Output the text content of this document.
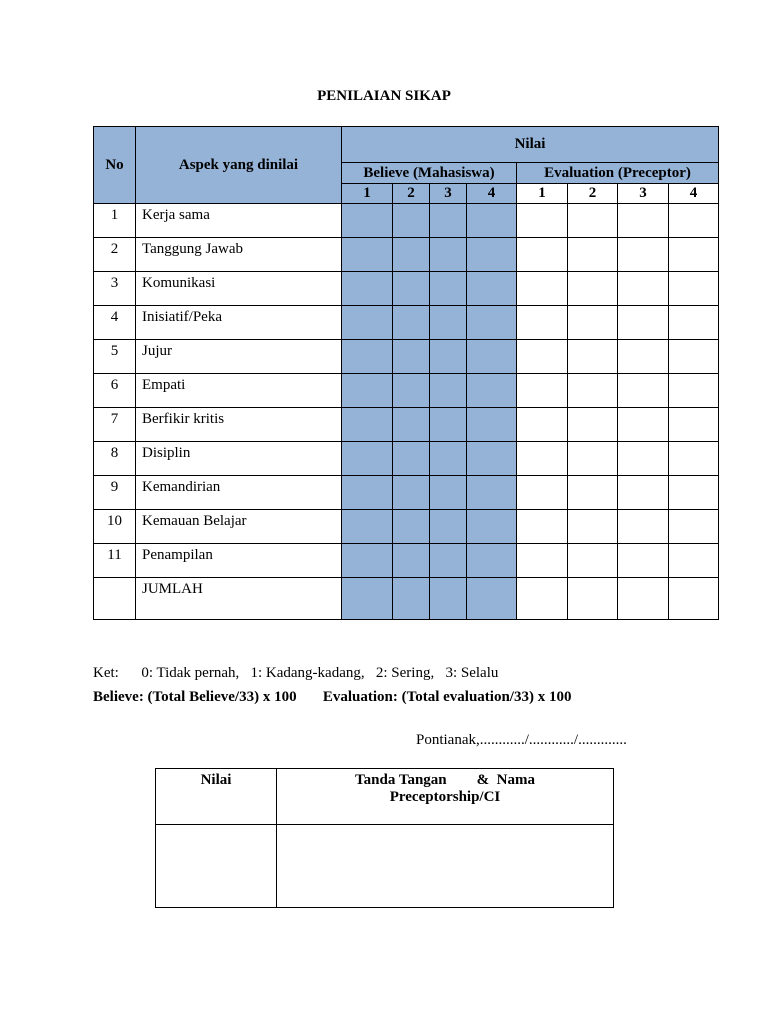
PENILAIAN SIKAP
No	Aspek yang dinilai	Nilai							
		Believe (Mahasiswa)				Evaluation (Preceptor)			
		1	2	3	4	1	2	3	4
1	Kerja sama								
2	Tanggung Jawab								
3	Komunikasi								
4	Inisiatif/Peka								
5	Jujur								
6	Empati								
7	Berfikir kritis								
8	Disiplin								
9	Kemandirian								
10	Kemauan Belajar								
11	Penampilan								
	JUMLAH								
Ket:      0: Tidak pernah,   1: Kadang-kadang,   2: Sering,   3: Selalu
Believe: (Total Believe/33) x 100       Evaluation: (Total evaluation/33) x 100
Pontianak,............/............/.............
Nilai	Tanda Tangan        &  Nama
Preceptorship/CI
